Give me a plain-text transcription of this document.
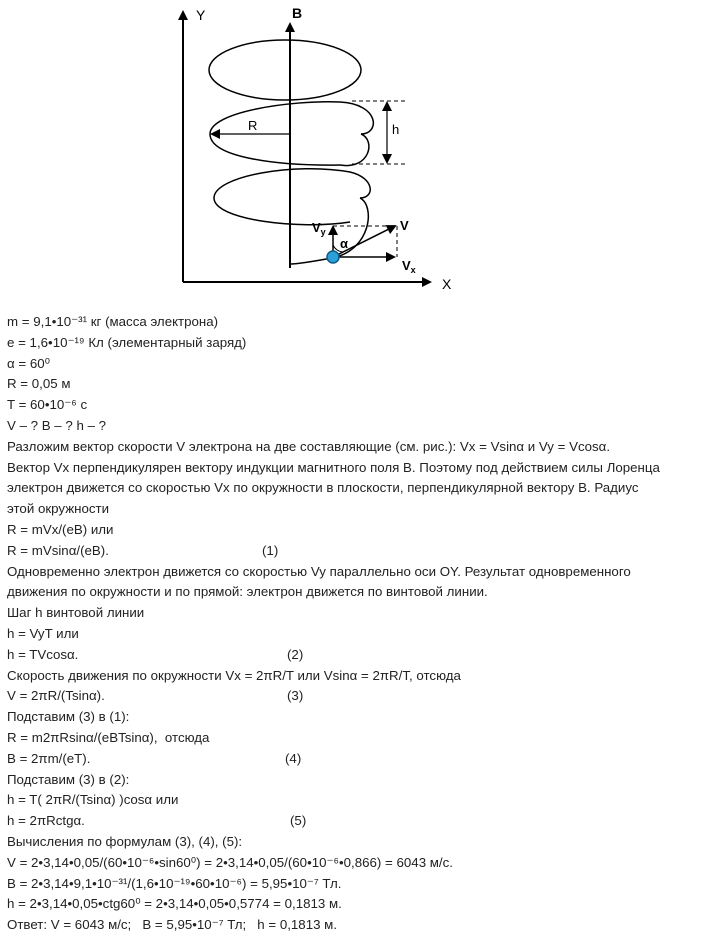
Y
X
B
R	h
$V_y$
$V_x$
V
α
m = 9,1•10⁻³¹ кг (масса электрона)
e = 1,6•10⁻¹⁹ Кл (элементарный заряд)
α = 60⁰
R = 0,05 м
T = 60•10⁻⁶ с
V – ? B – ? h – ?
Разложим вектор скорости V электрона на две составляющие (см. рис.): Vx = Vsinα и Vy = Vcosα.
Вектор Vx перпендикулярен вектору индукции магнитного поля B. Поэтому под действием силы Лоренца
электрон движется со скоростью Vx по окружности в плоскости, перпендикулярной вектору B. Радиус
этой окружности
R = mVx/(eB) или
R = mVsinα/(eB).	(1)
Одновременно электрон движется со скоростью Vy параллельно оси OY. Результат одновременного
движения по окружности и по прямой: электрон движется по винтовой линии.
Шаг h винтовой линии
h = VyT или
h = TVcosα.	(2)
Скорость движения по окружности Vx = 2πR/T или Vsinα = 2πR/T, отсюда
V = 2πR/(Tsinα).	(3)
Подставим (3) в (1):
R = m2πRsinα/(eBTsinα),  отсюда
B = 2πm/(eT).	(4)
Подставим (3) в (2):
h = T( 2πR/(Tsinα) )cosα или
h = 2πRctgα.	(5)
Вычисления по формулам (3), (4), (5):
V = 2•3,14•0,05/(60•10⁻⁶•sin60⁰) = 2•3,14•0,05/(60•10⁻⁶•0,866) = 6043 м/с.
B = 2•3,14•9,1•10⁻³¹/(1,6•10⁻¹⁹•60•10⁻⁶) = 5,95•10⁻⁷ Тл.
h = 2•3,14•0,05•ctg60⁰ = 2•3,14•0,05•0,5774 = 0,1813 м.
Ответ: V = 6043 м/с;   B = 5,95•10⁻⁷ Тл;   h = 0,1813 м.
